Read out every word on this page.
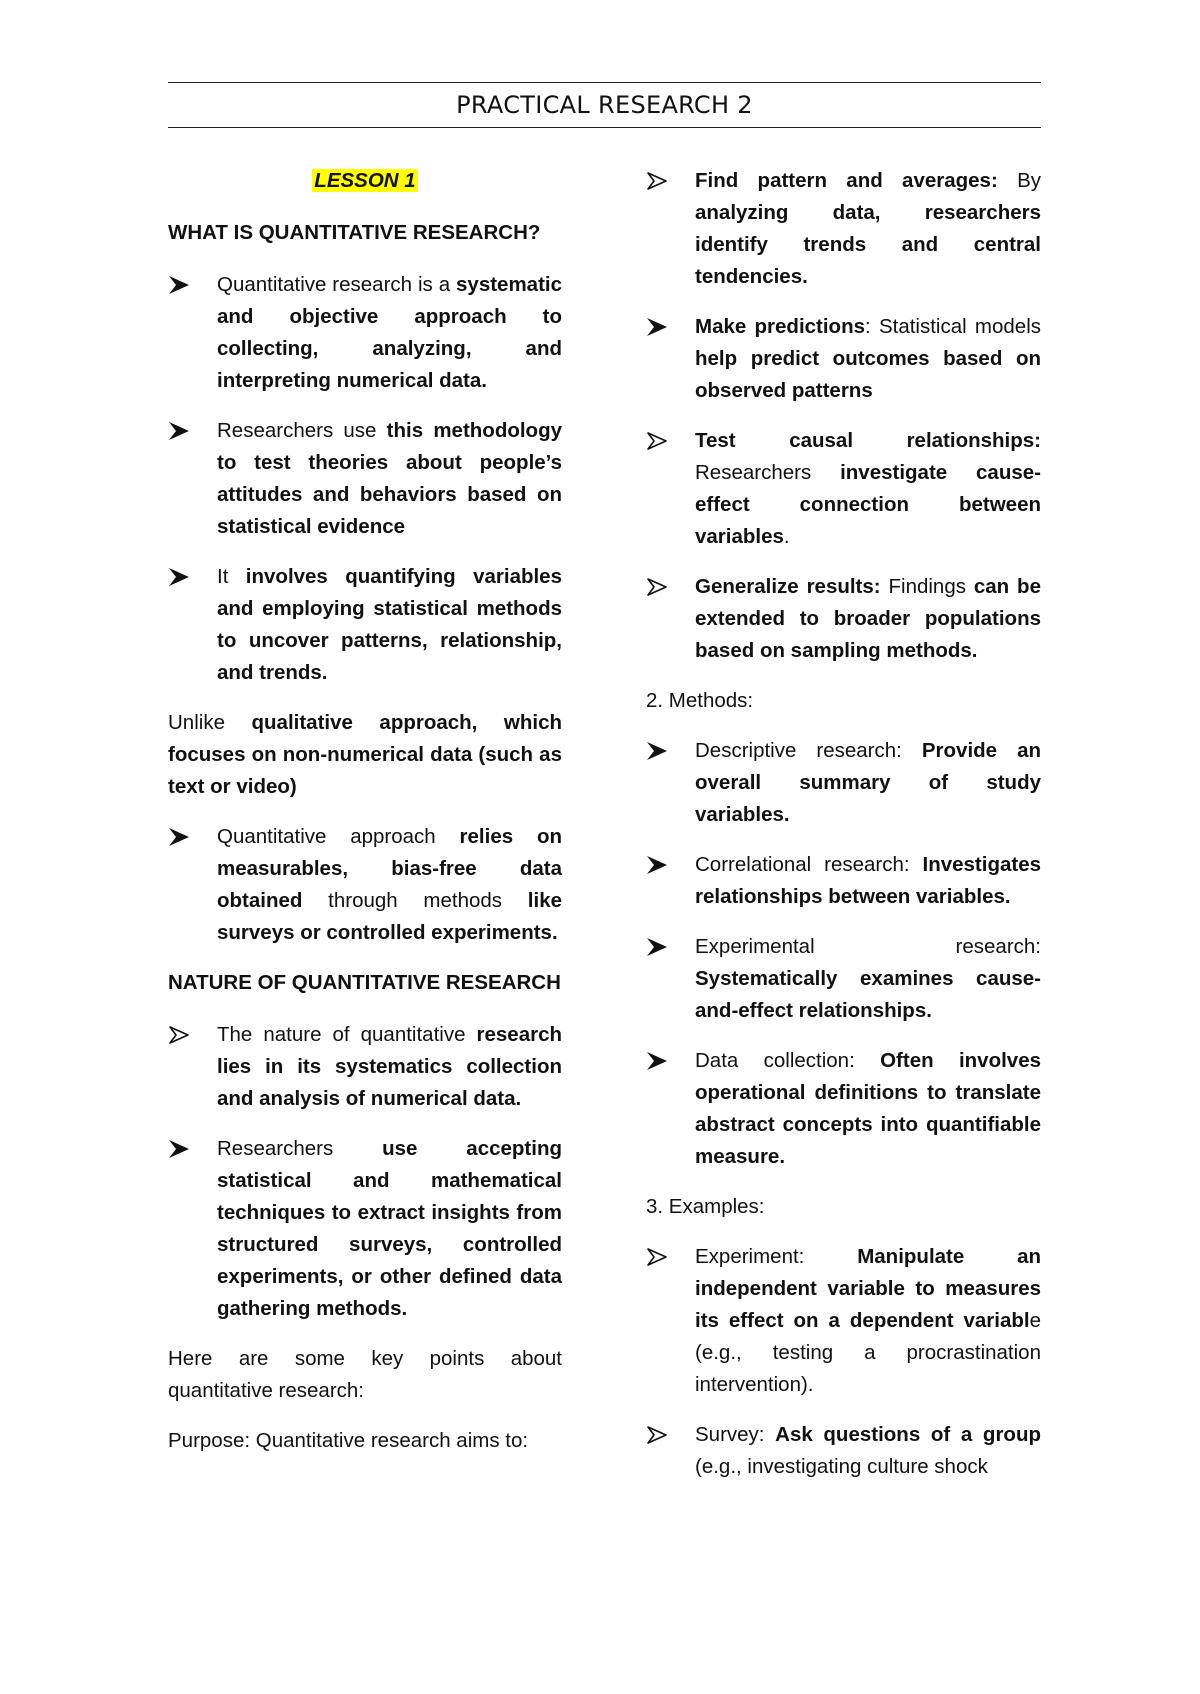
PRACTICAL RESEARCH 2
LESSON 1

WHAT IS QUANTITATIVE RESEARCH?

Quantitative research is a systematic and objective approach to collecting, analyzing, and interpreting numerical data.
Researchers use this methodology to test theories about people’s attitudes and behaviors based on statistical evidence
It involves quantifying variables and employing statistical methods to uncover patterns, relationship, and trends.

Unlike qualitative approach, which focuses on non-numerical data (such as text or video)

Quantitative approach relies on measurables, bias-free data obtained through methods like surveys or controlled experiments.

NATURE OF QUANTITATIVE RESEARCH

The nature of quantitative research lies in its systematics collection and analysis of numerical data.
Researchers use accepting statistical and mathematical techniques to extract insights from structured surveys, controlled experiments, or other defined data gathering methods.

Here are some key points about quantitative research:

Purpose: Quantitative research aims to:

Find pattern and averages: By analyzing data, researchers identify trends and central tendencies.
Make predictions: Statistical models help predict outcomes based on observed patterns
Test causal relationships: Researchers investigate cause-effect connection between variables.
Generalize results: Findings can be extended to broader populations based on sampling methods.

2. Methods:

Descriptive research: Provide an overall summary of study variables.
Correlational research: Investigates relationships between variables.
Experimental research: Systematically examines cause-and-effect relationships.
Data collection: Often involves operational definitions to translate abstract concepts into quantifiable measure.

3. Examples:

Experiment: Manipulate an independent variable to measures its effect on a dependent variable (e.g., testing a procrastination intervention).
Survey: Ask questions of a group (e.g., investigating culture shock
